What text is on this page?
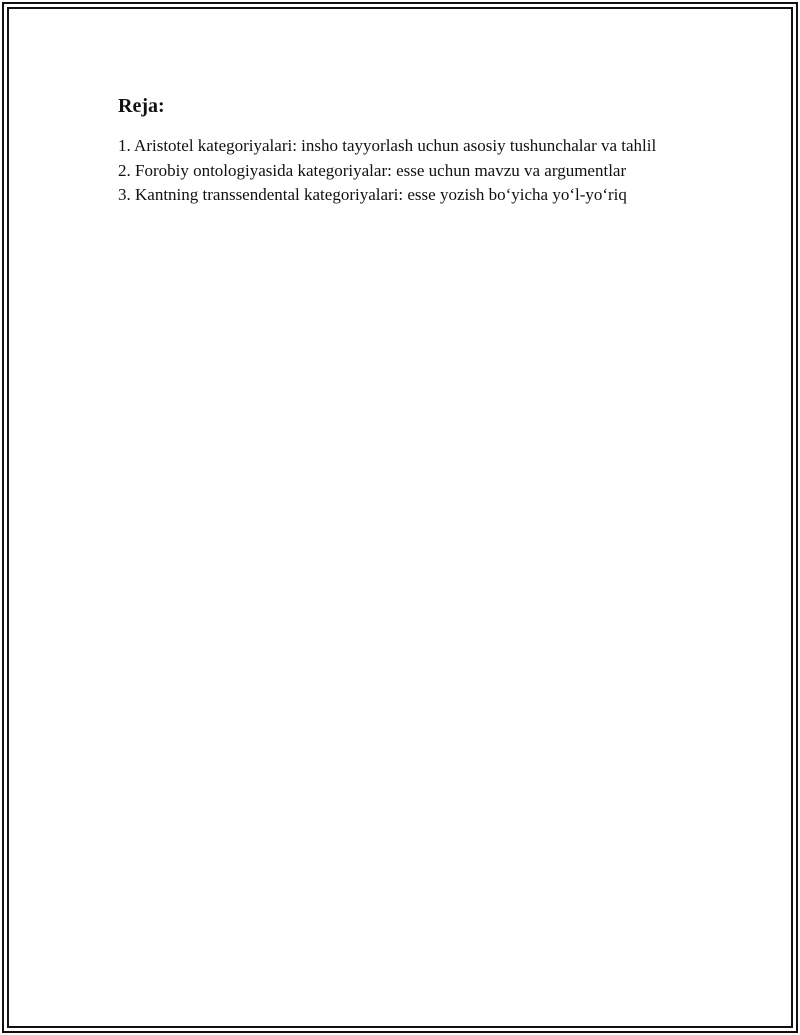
Reja:
1. Aristotel kategoriyalari: insho tayyorlash uchun asosiy tushunchalar va tahlil
2. Forobiy ontologiyasida kategoriyalar: esse uchun mavzu va argumentlar
3. Kantning transsendental kategoriyalari: esse yozish bo‘yicha yo‘l-yo‘riq
